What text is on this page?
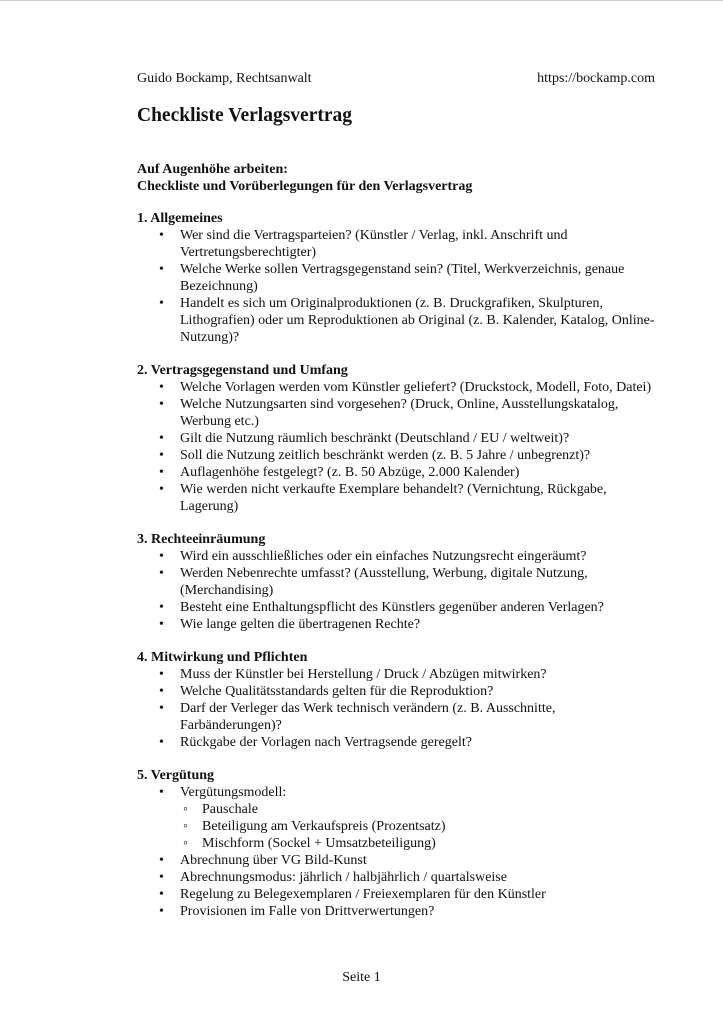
Guido Bockamp, Rechtsanwalt	https://bockamp.com
Checkliste Verlagsvertrag
Auf Augenhöhe arbeiten:
Checkliste und Vorüberlegungen für den Verlagsvertrag
1. Allgemeines
• Wer sind die Vertragsparteien? (Künstler / Verlag, inkl. Anschrift und Vertretungsberechtigter)
• Welche Werke sollen Vertragsgegenstand sein? (Titel, Werkverzeichnis, genaue Bezeichnung)
• Handelt es sich um Originalproduktionen (z. B. Druckgrafiken, Skulpturen, Lithografien) oder um Reproduktionen ab Original (z. B. Kalender, Katalog, Online-Nutzung)?
2. Vertragsgegenstand und Umfang
• Welche Vorlagen werden vom Künstler geliefert? (Druckstock, Modell, Foto, Datei)
• Welche Nutzungsarten sind vorgesehen? (Druck, Online, Ausstellungskatalog, Werbung etc.)
• Gilt die Nutzung räumlich beschränkt (Deutschland / EU / weltweit)?
• Soll die Nutzung zeitlich beschränkt werden (z. B. 5 Jahre / unbegrenzt)?
• Auflagenhöhe festgelegt? (z. B. 50 Abzüge, 2.000 Kalender)
• Wie werden nicht verkaufte Exemplare behandelt? (Vernichtung, Rückgabe, Lagerung)
3. Rechteeinräumung
• Wird ein ausschließliches oder ein einfaches Nutzungsrecht eingeräumt?
• Werden Nebenrechte umfasst? (Ausstellung, Werbung, digitale Nutzung, (Merchandising)
• Besteht eine Enthaltungspflicht des Künstlers gegenüber anderen Verlagen?
• Wie lange gelten die übertragenen Rechte?
4. Mitwirkung und Pflichten
• Muss der Künstler bei Herstellung / Druck / Abzügen mitwirken?
• Welche Qualitätsstandards gelten für die Reproduktion?
• Darf der Verleger das Werk technisch verändern (z. B. Ausschnitte, Farbänderungen)?
• Rückgabe der Vorlagen nach Vertragsende geregelt?
5. Vergütung
• Vergütungsmodell:
◦ Pauschale
◦ Beteiligung am Verkaufspreis (Prozentsatz)
◦ Mischform (Sockel + Umsatzbeteiligung)
• Abrechnung über VG Bild-Kunst
• Abrechnungsmodus: jährlich / halbjährlich / quartalsweise
• Regelung zu Belegexemplaren / Freiexemplaren für den Künstler
• Provisionen im Falle von Drittverwertungen?
Seite 1
